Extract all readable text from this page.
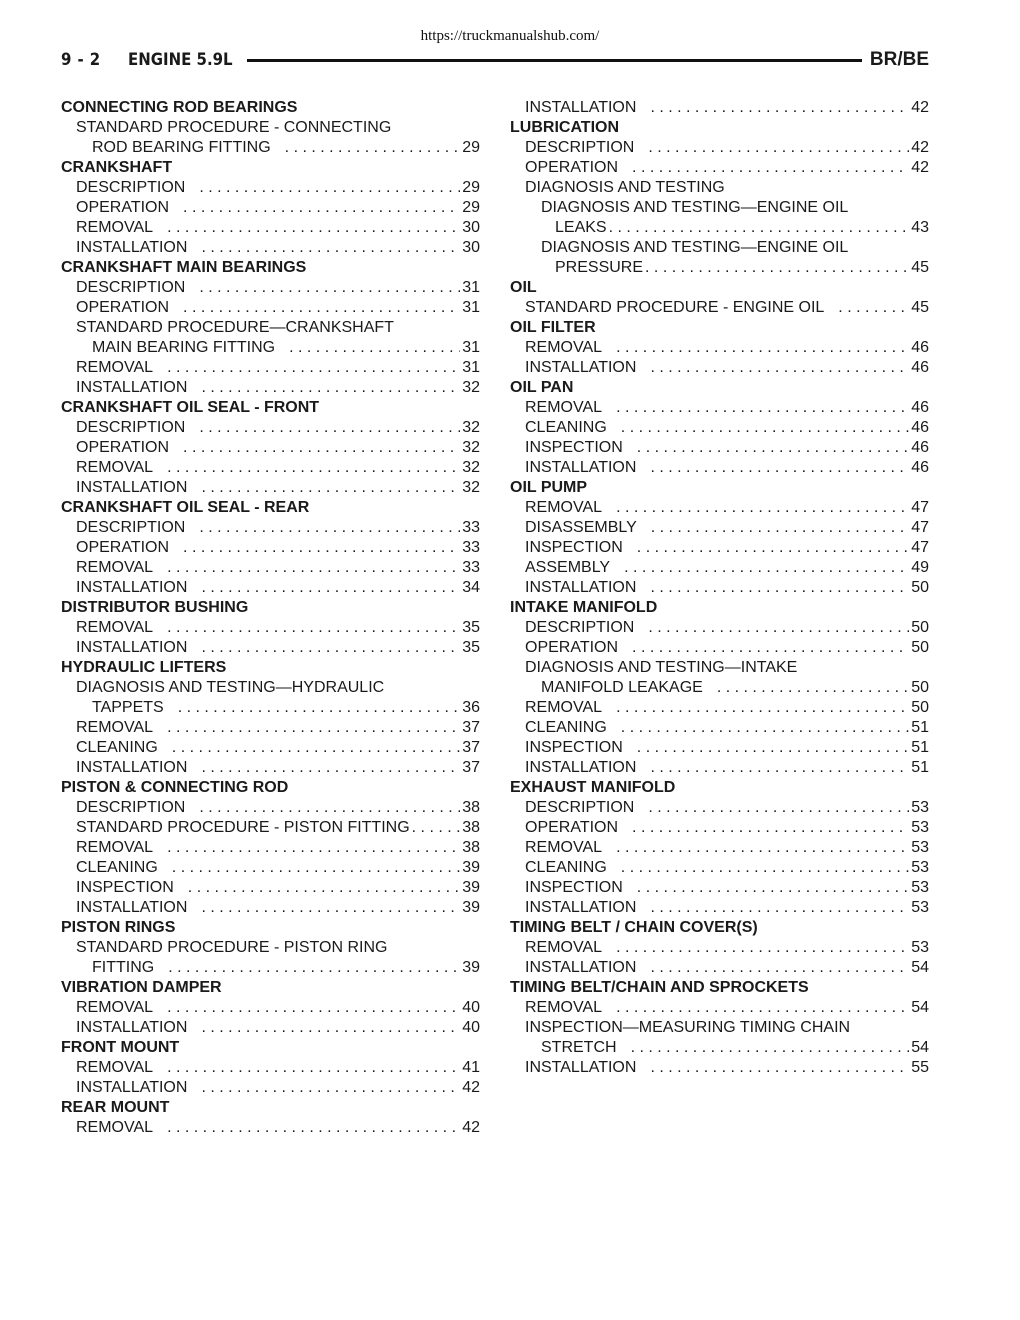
https://truckmanualshub.com/
9 - 2 ENGINE 5.9L	BR/BE
CONNECTING ROD BEARINGS
STANDARD PROCEDURE - CONNECTING
ROD BEARING FITTING . . .	29
CRANKSHAFT
DESCRIPTION . . .	29
OPERATION . . .	29
REMOVAL . . .	30
INSTALLATION . . .	30
CRANKSHAFT MAIN BEARINGS
DESCRIPTION . . .	31
OPERATION . . .	31
STANDARD PROCEDURE—CRANKSHAFT
MAIN BEARING FITTING . . .	31
REMOVAL . . .	31
INSTALLATION . . .	32
CRANKSHAFT OIL SEAL - FRONT
DESCRIPTION . . .	32
OPERATION . . .	32
REMOVAL . . .	32
INSTALLATION . . .	32
CRANKSHAFT OIL SEAL - REAR
DESCRIPTION . . .	33
OPERATION . . .	33
REMOVAL . . .	33
INSTALLATION . . .	34
DISTRIBUTOR BUSHING
REMOVAL . . .	35
INSTALLATION . . .	35
HYDRAULIC LIFTERS
DIAGNOSIS AND TESTING—HYDRAULIC
TAPPETS . . .	36
REMOVAL . . .	37
CLEANING . . .	37
INSTALLATION . . .	37
PISTON & CONNECTING ROD
DESCRIPTION . . .	38
STANDARD PROCEDURE - PISTON FITTING . . .	38
REMOVAL . . .	38
CLEANING . . .	39
INSPECTION . . .	39
INSTALLATION . . .	39
PISTON RINGS
STANDARD PROCEDURE - PISTON RING
FITTING . . .	39
VIBRATION DAMPER
REMOVAL . . .	40
INSTALLATION . . .	40
FRONT MOUNT
REMOVAL . . .	41
INSTALLATION . . .	42
REAR MOUNT
REMOVAL . . .	42
INSTALLATION . . .	42
LUBRICATION
DESCRIPTION . . .	42
OPERATION . . .	42
DIAGNOSIS AND TESTING
DIAGNOSIS AND TESTING—ENGINE OIL
LEAKS . . .	43
DIAGNOSIS AND TESTING—ENGINE OIL
PRESSURE . . .	45
OIL
STANDARD PROCEDURE - ENGINE OIL . . .	45
OIL FILTER
REMOVAL . . .	46
INSTALLATION . . .	46
OIL PAN
REMOVAL . . .	46
CLEANING . . .	46
INSPECTION . . .	46
INSTALLATION . . .	46
OIL PUMP
REMOVAL . . .	47
DISASSEMBLY . . .	47
INSPECTION . . .	47
ASSEMBLY . . .	49
INSTALLATION . . .	50
INTAKE MANIFOLD
DESCRIPTION . . .	50
OPERATION . . .	50
DIAGNOSIS AND TESTING—INTAKE
MANIFOLD LEAKAGE . . .	50
REMOVAL . . .	50
CLEANING . . .	51
INSPECTION . . .	51
INSTALLATION . . .	51
EXHAUST MANIFOLD
DESCRIPTION . . .	53
OPERATION . . .	53
REMOVAL . . .	53
CLEANING . . .	53
INSPECTION . . .	53
INSTALLATION . . .	53
TIMING BELT / CHAIN COVER(S)
REMOVAL . . .	53
INSTALLATION . . .	54
TIMING BELT/CHAIN AND SPROCKETS
REMOVAL . . .	54
INSPECTION—MEASURING TIMING CHAIN
STRETCH . . .	54
INSTALLATION . . .	55
